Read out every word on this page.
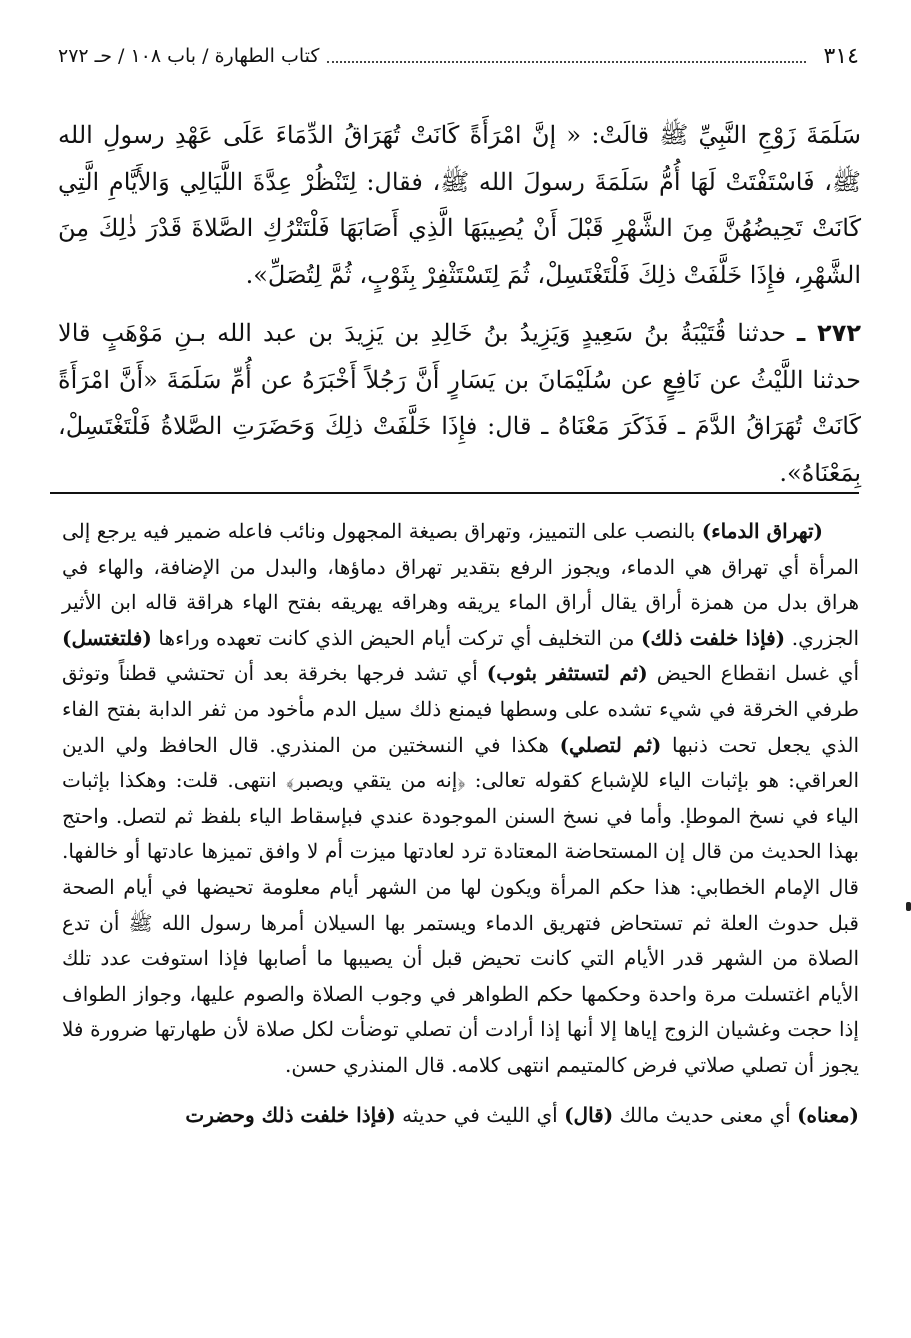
٣١٤
كتاب الطهارة / باب ١٠٨ / حـ ٢٧٢

سَلَمَةَ زَوْجِ النَّبِيِّ ﷺ قالَتْ: « إنَّ امْرَأَةً كَانَتْ تُهَرَاقُ الدِّمَاءَ عَلَى عَهْدِ رسولِ الله ﷺ، فَاسْتَفْتَتْ لَهَا أُمُّ سَلَمَةَ رسولَ الله ﷺ، فقال: لِتَنْظُرْ عِدَّةَ اللَّيَالِي وَالأَيَّامِ الَّتِي كَانَتْ تَحِيضُهُنَّ مِنَ الشَّهْرِ قَبْلَ أَنْ يُصِيبَهَا الَّذِي أَصَابَهَا فَلْتَتْرُكِ الصَّلاةَ قَدْرَ ذٰلِكَ مِنَ الشَّهْرِ، فإِذَا خَلَّفَتْ ذلِكَ فَلْتَغْتَسِلْ، ثُمَ لِتَسْتَثْفِرْ بِثَوْبٍ، ثُمَّ لِتُصَلِّ».

٢٧٢ ـ حدثنا قُتَيْبَةُ بنُ سَعِيدٍ وَيَزِيدُ بنُ خَالِدِ بن يَزِيدَ بن عبد الله بـنِ مَوْهَبٍ قالا حدثنا اللَّيْثُ عن نَافِعٍ عن سُلَيْمَانَ بن يَسَارٍ أَنَّ رَجُلاً أَخْبَرَهُ عن أُمِّ سَلَمَةَ «أَنَّ امْرَأَةً كَانَتْ تُهَرَاقُ الدَّمَ ـ فَذَكَرَ مَعْنَاهُ ـ قال: فإِذَا خَلَّفَتْ ذلِكَ وَحَضَرَتِ الصَّلاةُ فَلْتَغْتَسِلْ، بِمَعْنَاهُ».

(تهراق الدماء) بالنصب على التمييز، وتهراق بصيغة المجهول ونائب فاعله ضمير فيه يرجع إلى المرأة أي تهراق هي الدماء، ويجوز الرفع بتقدير تهراق دماؤها، والبدل من الإضافة، والهاء في هراق بدل من همزة أراق يقال أراق الماء يريقه وهراقه يهريقه بفتح الهاء هراقة قاله ابن الأثير الجزري. (فإذا خلفت ذلك) من التخليف أي تركت أيام الحيض الذي كانت تعهده وراءها (فلتغتسل) أي غسل انقطاع الحيض (ثم لتستثفر بثوب) أي تشد فرجها بخرقة بعد أن تحتشي قطناً وتوثق طرفي الخرقة في شيء تشده على وسطها فيمنع ذلك سيل الدم مأخود من ثفر الدابة بفتح الفاء الذي يجعل تحت ذنبها (ثم لتصلي) هكذا في النسختين من المنذري. قال الحافظ ولي الدين العراقي: هو بإثبات الياء للإشباع كقوله تعالى: ﴿إنه من يتقي ويصبر﴾ انتهى. قلت: وهكذا بإثبات الياء في نسخ الموطإ. وأما في نسخ السنن الموجودة عندي فبإسقاط الياء بلفظ ثم لتصل. واحتج بهذا الحديث من قال إن المستحاضة المعتادة ترد لعادتها ميزت أم لا وافق تميزها عادتها أو خالفها. قال الإمام الخطابي: هذا حكم المرأة ويكون لها من الشهر أيام معلومة تحيضها في أيام الصحة قبل حدوث العلة ثم تستحاض فتهريق الدماء ويستمر بها السيلان أمرها رسول الله ﷺ أن تدع الصلاة من الشهر قدر الأيام التي كانت تحيض قبل أن يصيبها ما أصابها فإذا استوفت عدد تلك الأيام اغتسلت مرة واحدة وحكمها حكم الطواهر في وجوب الصلاة والصوم عليها، وجواز الطواف إذا حجت وغشيان الزوج إياها إلا أنها إذا أرادت أن تصلي توضأت لكل صلاة لأن طهارتها ضرورة فلا يجوز أن تصلي صلاتي فرض كالمتيمم انتهى كلامه. قال المنذري حسن.

(معناه) أي معنى حديث مالك (قال) أي الليث في حديثه (فإذا خلفت ذلك وحضرت
